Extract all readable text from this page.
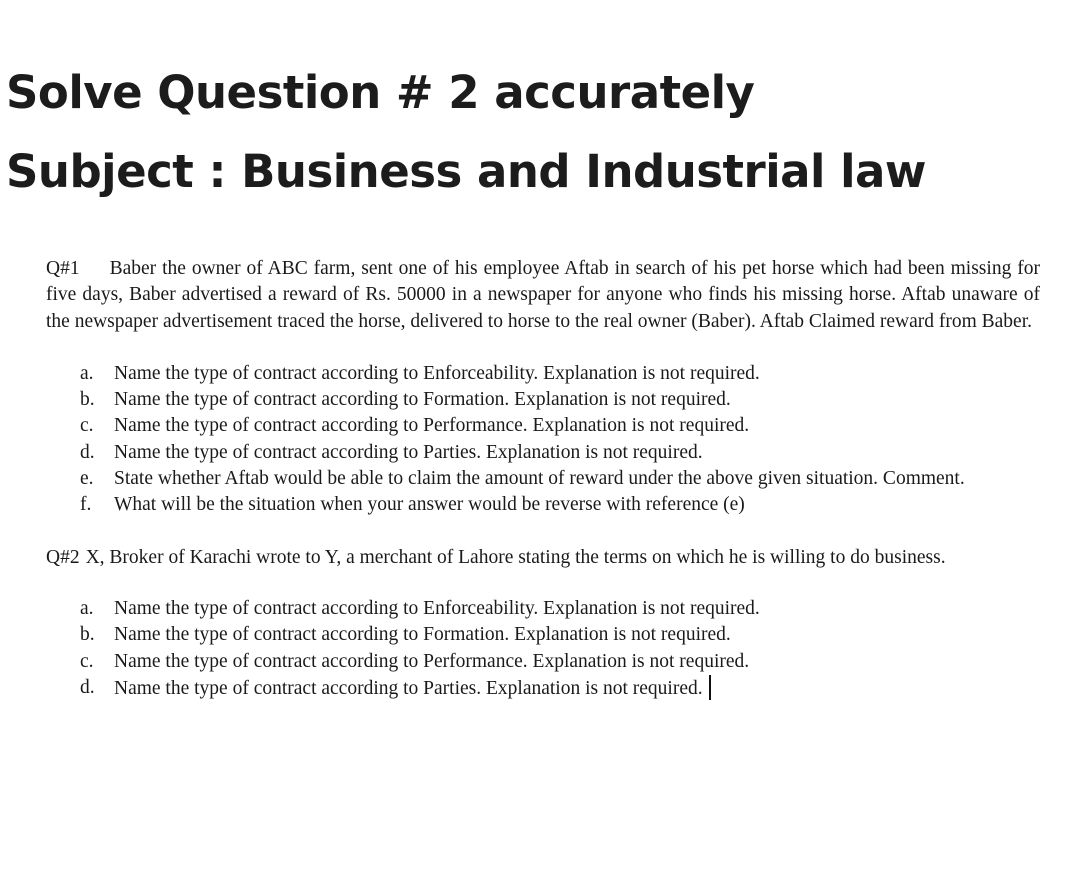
Solve Question # 2 accurately
Subject : Business and Industrial law

Q#1 Baber the owner of ABC farm, sent one of his employee Aftab in search of his pet horse which had been missing for five days, Baber advertised a reward of Rs. 50000 in a newspaper for anyone who finds his missing horse. Aftab unaware of the newspaper advertisement traced the horse, delivered to horse to the real owner (Baber). Aftab Claimed reward from Baber.

a.	Name the type of contract according to Enforceability. Explanation is not required.
b. Name the type of contract according to Formation. Explanation is not required.
c.	Name the type of contract according to Performance. Explanation is not required.
d. Name the type of contract according to Parties. Explanation is not required.
e.	State whether Aftab would be able to claim the amount of reward under the above given situation. Comment.
f.	What will be the situation when your answer would be reverse with reference (e)

Q#2 X, Broker of Karachi wrote to Y, a merchant of Lahore stating the terms on which he is willing to do business.

a.	Name the type of contract according to Enforceability. Explanation is not required.
b. Name the type of contract according to Formation. Explanation is not required.
c.	Name the type of contract according to Performance. Explanation is not required.
d. Name the type of contract according to Parties. Explanation is not required.
